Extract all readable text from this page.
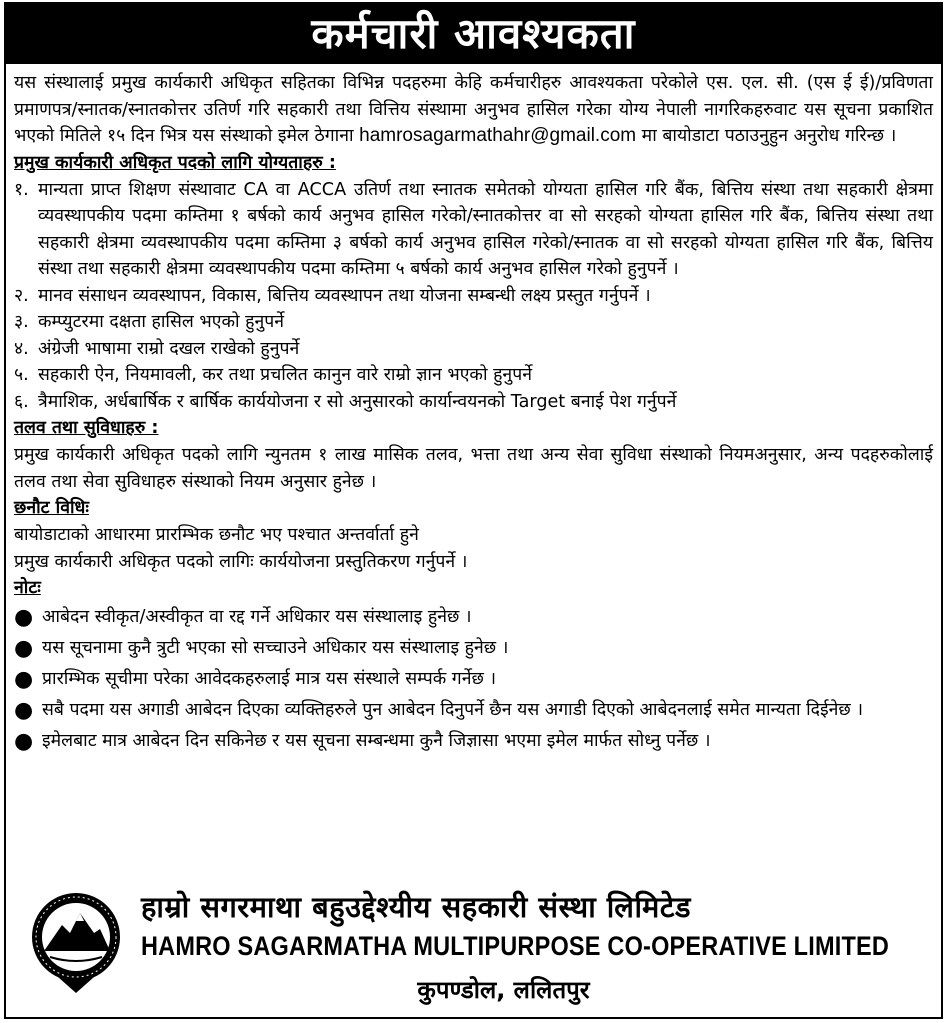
कर्मचारी आवश्यकता

यस संस्थालाई प्रमुख कार्यकारी अधिकृत सहितका विभिन्न पदहरुमा केहि कर्मचारीहरु आवश्यकता परेकोले एस. एल. सी. (एस ई ई)/प्रविणता प्रमाणपत्र/स्नातक/स्नातकोत्तर उतिर्ण गरि सहकारी तथा वित्तिय संस्थामा अनुभव हासिल गरेका योग्य नेपाली नागरिकहरुवाट यस सूचना प्रकाशित भएको मितिले १५ दिन भित्र यस संस्थाको इमेल ठेगाना hamrosagarmathahr@gmail.com मा बायोडाटा पठाउनुहुन अनुरोध गरिन्छ ।

प्रमुख कार्यकारी अधिकृत पदको लागि योग्यताहरु :
१. मान्यता प्राप्त शिक्षण संस्थावाट CA वा ACCA उतिर्ण तथा स्नातक समेतको योग्यता हासिल गरि बैंक, बित्तिय संस्था तथा सहकारी क्षेत्रमा व्यवस्थापकीय पदमा कम्तिमा १ बर्षको कार्य अनुभव हासिल गरेको/स्नातकोत्तर वा सो सरहको योग्यता हासिल गरि बैंक, बित्तिय संस्था तथा सहकारी क्षेत्रमा व्यवस्थापकीय पदमा कम्तिमा ३ बर्षको कार्य अनुभव हासिल गरेको/स्नातक वा सो सरहको योग्यता हासिल गरि बैंक, बित्तिय संस्था तथा सहकारी क्षेत्रमा व्यवस्थापकीय पदमा कम्तिमा ५ बर्षको कार्य अनुभव हासिल गरेको हुनुपर्ने ।
२. मानव संसाधन व्यवस्थापन, विकास, बित्तिय व्यवस्थापन तथा योजना सम्बन्धी लक्ष्य प्रस्तुत गर्नुपर्ने ।
३. कम्प्युटरमा दक्षता हासिल भएको हुनुपर्ने
४. अंग्रेजी भाषामा राम्रो दखल राखेको हुनुपर्ने
५. सहकारी ऐन, नियमावली, कर तथा प्रचलित कानुन वारे राम्रो ज्ञान भएको हुनुपर्ने
६. त्रैमाशिक, अर्धबार्षिक र बार्षिक कार्ययोजना र सो अनुसारको कार्यान्वयनको Target बनाई पेश गर्नुपर्ने
तलव तथा सुविधाहरु :

प्रमुख कार्यकारी अधिकृत पदको लागि न्युनतम १ लाख मासिक तलव, भत्ता तथा अन्य सेवा सुविधा संस्थाको नियमअनुसार, अन्य पदहरुकोलाई तलव तथा सेवा सुविधाहरु संस्थाको नियम अनुसार हुनेछ ।

छनौट विधिः

बायोडाटाको आधारमा प्रारम्भिक छनौट भए पश्चात अन्तर्वार्ता हुने

प्रमुख कार्यकारी अधिकृत पदको लागिः कार्ययोजना प्रस्तुतिकरण गर्नुपर्ने ।

नोटः
● आबेदन स्वीकृत/अस्वीकृत वा रद्द गर्ने अधिकार यस संस्थालाइ हुनेछ ।
● यस सूचनामा कुनै त्रुटी भएका सो सच्चाउने अधिकार यस संस्थालाइ हुनेछ ।
● प्रारम्भिक सूचीमा परेका आवेदकहरुलाई मात्र यस संस्थाले सम्पर्क गर्नेछ ।
● सबै पदमा यस अगाडी आबेदन दिएका व्यक्तिहरुले पुन आबेदन दिनुपर्ने छैन यस अगाडी दिएको आबेदनलाई समेत मान्यता दिईनेछ ।
● इमेलबाट मात्र आबेदन दिन सकिनेछ र यस सूचना सम्बन्धमा कुनै जिज्ञासा भएमा इमेल मार्फत सोध्नु पर्नेछ ।
हाम्रो सगरमाथा बहुउद्देश्यीय सहकारी संस्था लिमिटेड
HAMRO SAGARMATHA MULTIPURPOSE CO-OPERATIVE LIMITED
कुपण्डोल, ललितपुर
